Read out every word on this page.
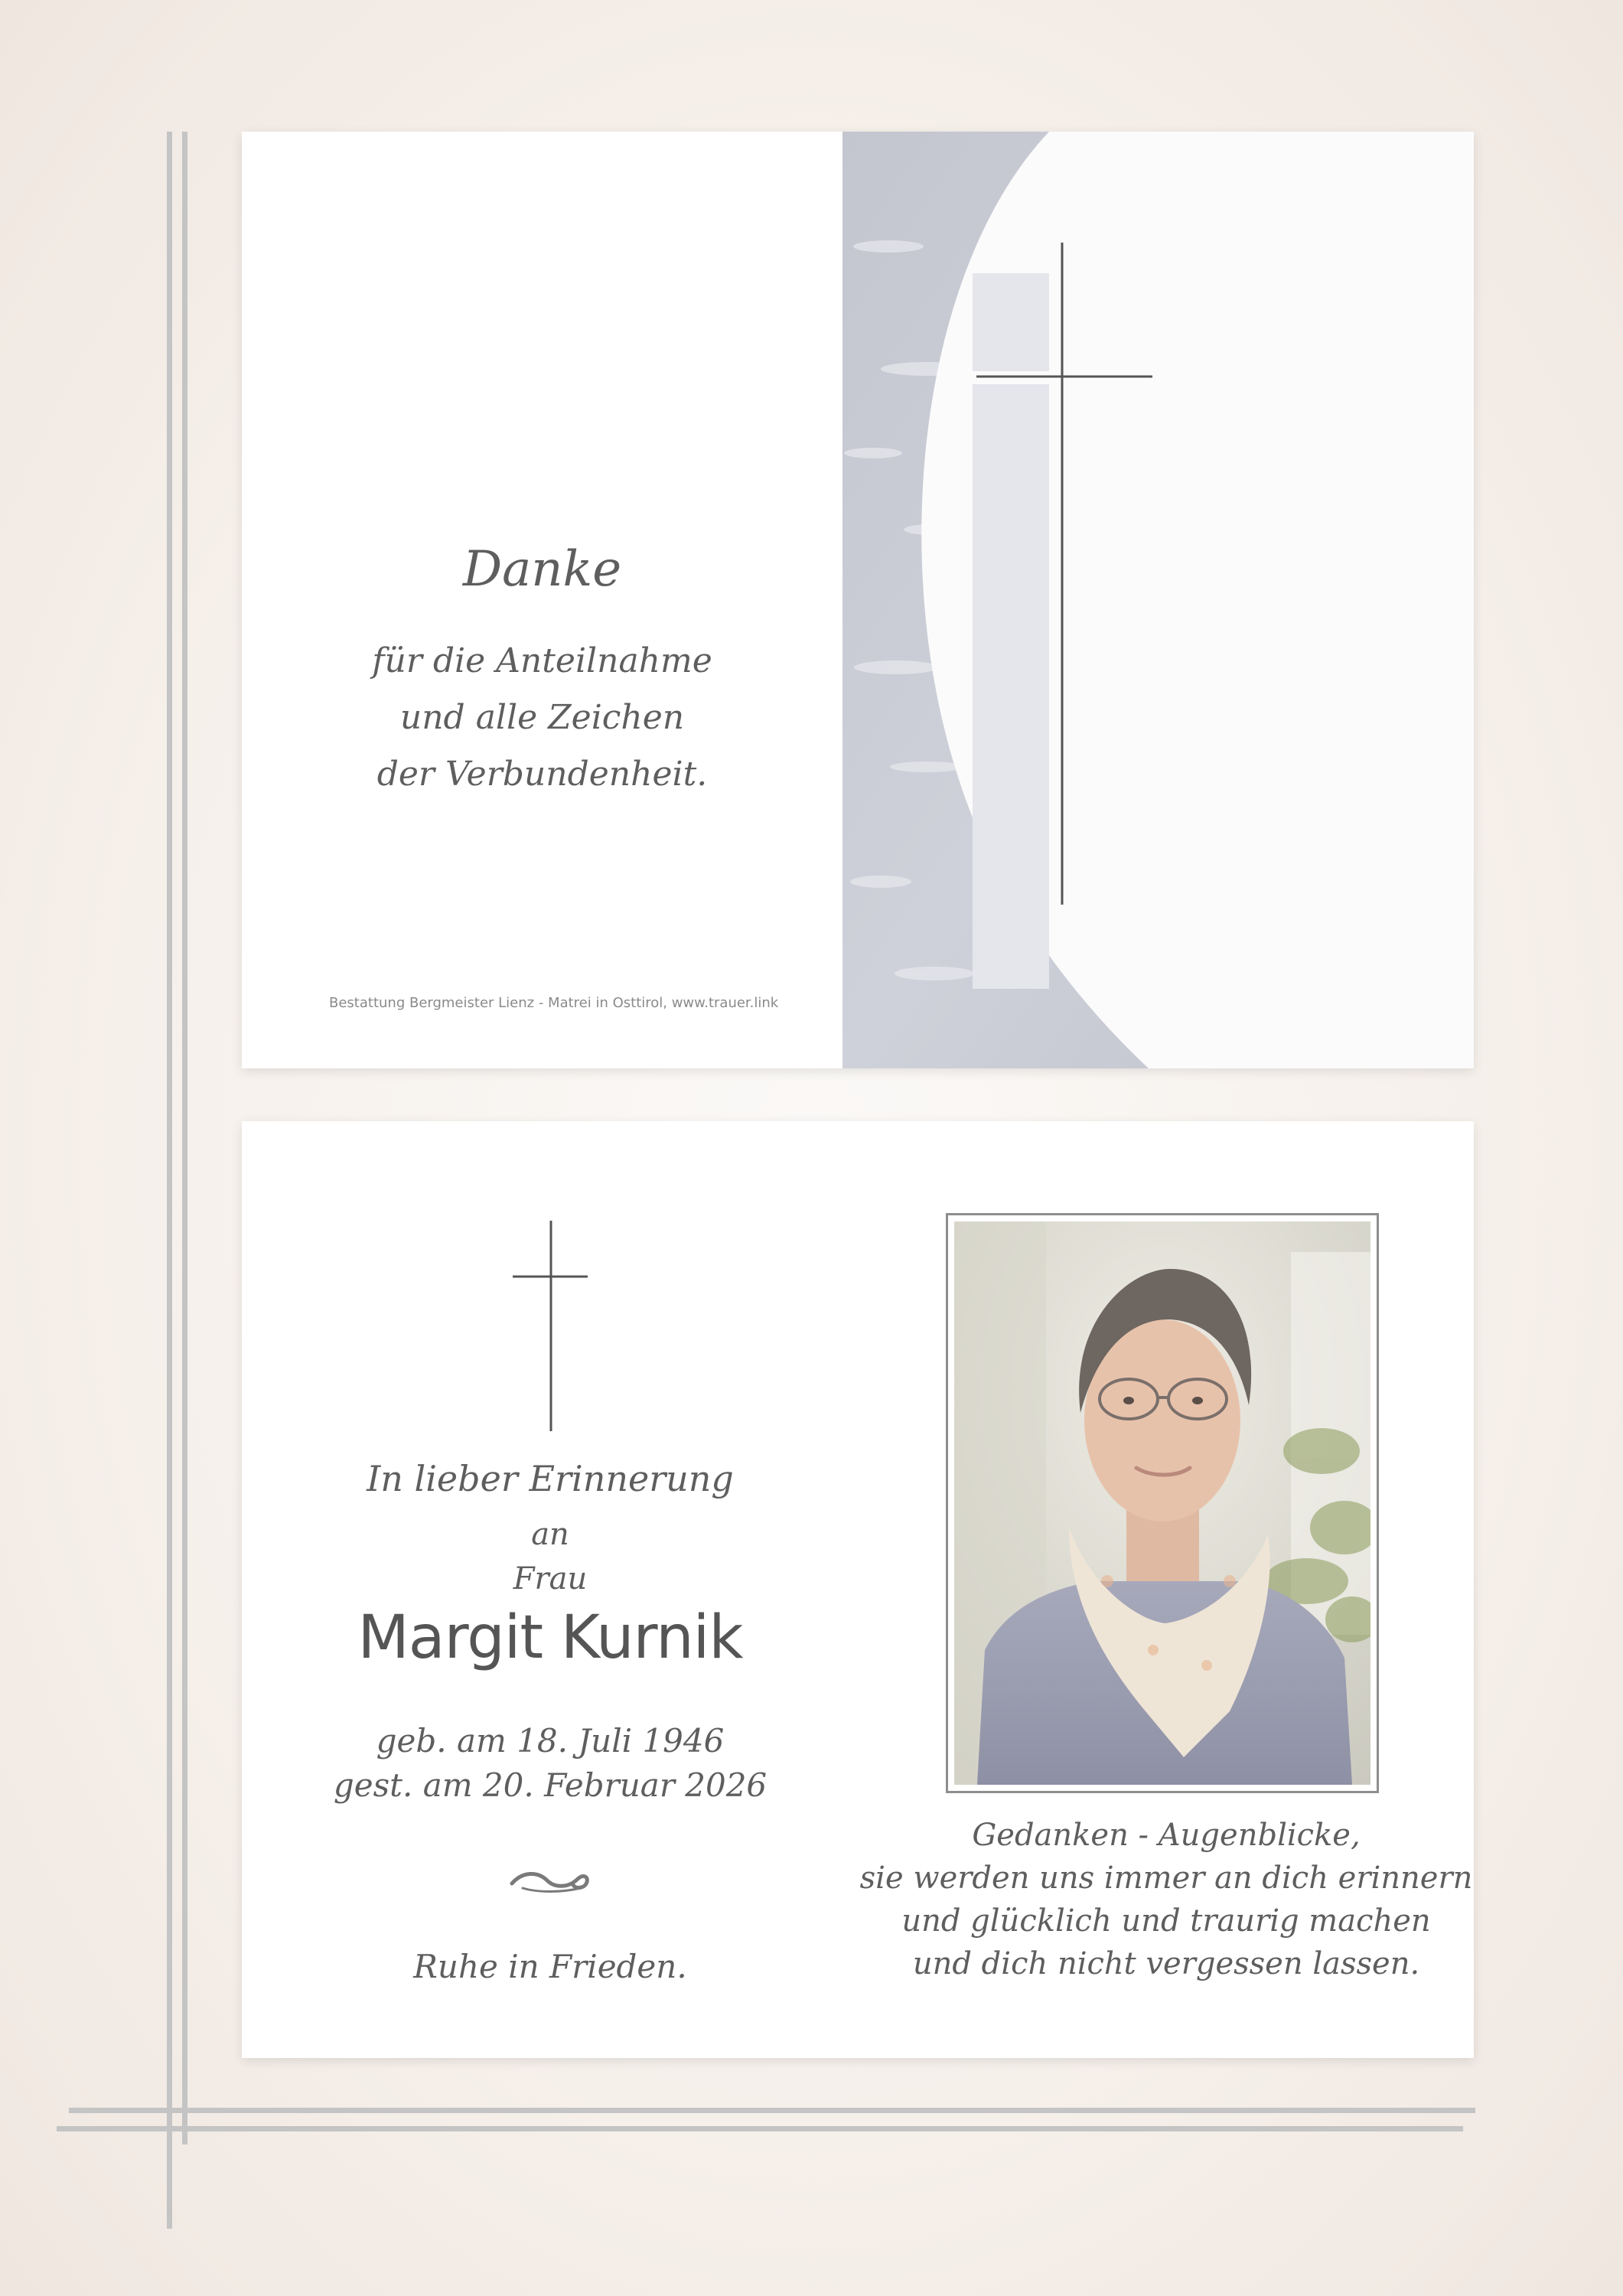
Danke
für die Anteilnahme
und alle Zeichen
der Verbundenheit.
Bestattung Bergmeister Lienz - Matrei in Osttirol, www.trauer.link
In lieber Erinnerung
an
Frau
Margit Kurnik
geb. am 18. Juli 1946
gest. am 20. Februar 2026
Ruhe in Frieden.
Gedanken - Augenblicke,
sie werden uns immer an dich erinnern
und glücklich und traurig machen
und dich nicht vergessen lassen.
